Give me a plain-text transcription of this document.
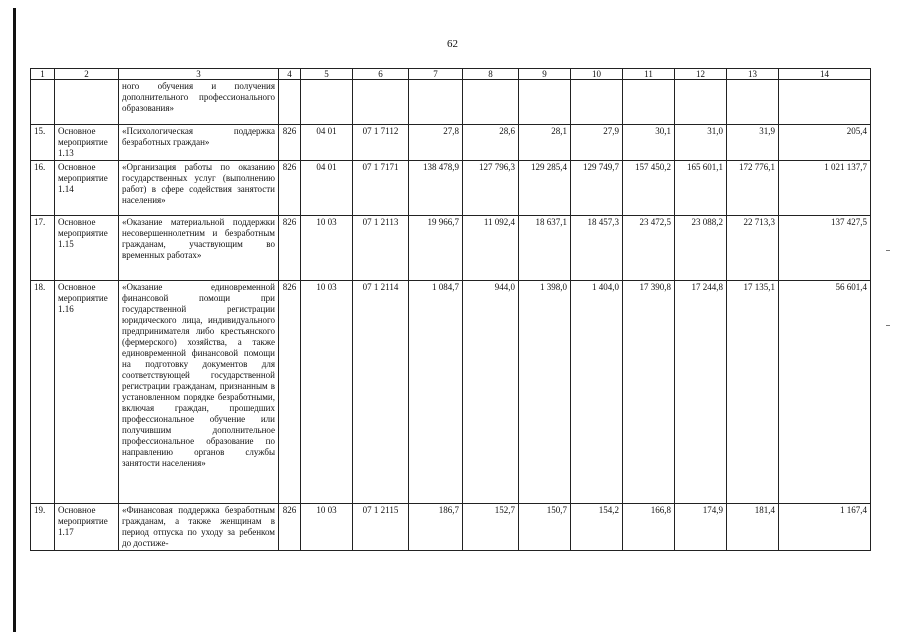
62
1	2	3	4	5	6	7	8	9	10	11	12	13	14
		ного обучения и получения дополнительного профессионального образования»											
15.	Основное мероприятие 1.13	«Психологическая поддержка безработных граждан»	826	04 01	07 1 7112	27,8	28,6	28,1	27,9	30,1	31,0	31,9	205,4
16.	Основное мероприятие 1.14	«Организация работы по оказанию государственных услуг (выполнению работ) в сфере содействия занятости населения»	826	04 01	07 1 7171	138 478,9	127 796,3	129 285,4	129 749,7	157 450,2	165 601,1	172 776,1	1 021 137,7
17.	Основное мероприятие 1.15	«Оказание материальной поддержки несовершеннолетним и безработным гражданам, участвующим во временных работах»	826	10 03	07 1 2113	19 966,7	11 092,4	18 637,1	18 457,3	23 472,5	23 088,2	22 713,3	137 427,5
18.	Основное мероприятие 1.16	«Оказание единовременной финансовой помощи при государственной регистрации юридического лица, индивидуального предпринимателя либо крестьянского (фермерского) хозяйства, а также единовременной финансовой помощи на подготовку документов для соответствующей государственной регистрации гражданам, признанным в установленном порядке безработными, включая граждан, прошедших профессиональное обучение или получившим дополнительное профессиональное образование по направлению органов службы занятости населения»	826	10 03	07 1 2114	1 084,7	944,0	1 398,0	1 404,0	17 390,8	17 244,8	17 135,1	56 601,4
19.	Основное мероприятие 1.17	«Финансовая поддержка безработным гражданам, а также женщинам в период отпуска по уходу за ребенком до достиже-	826	10 03	07 1 2115	186,7	152,7	150,7	154,2	166,8	174,9	181,4	1 167,4
